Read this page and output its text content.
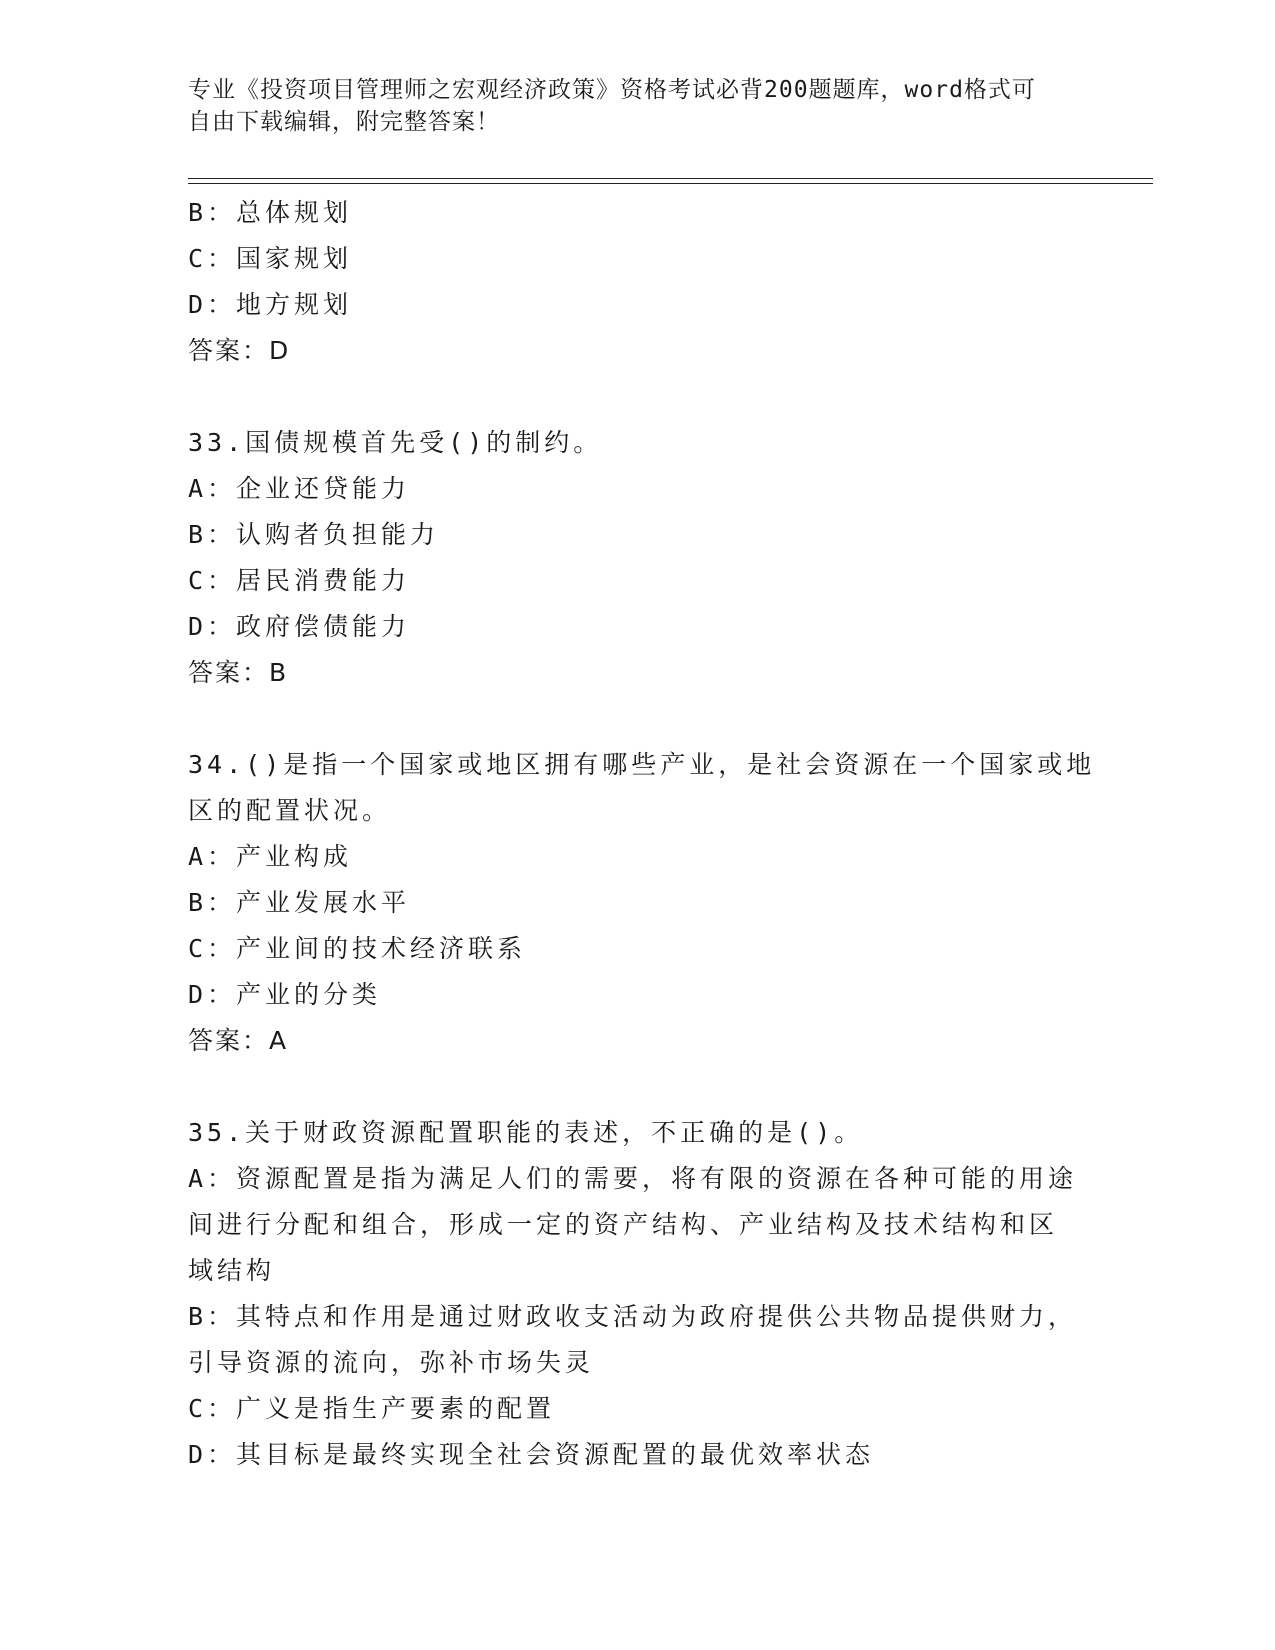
专业《投资项目管理师之宏观经济政策》资格考试必背200题题库，word格式可
自由下载编辑，附完整答案！
B：总体规划
C：国家规划
D：地方规划
答案：D
33.国债规模首先受()的制约。
A：企业还贷能力
B：认购者负担能力
C：居民消费能力
D：政府偿债能力
答案：B
34.()是指一个国家或地区拥有哪些产业，是社会资源在一个国家或地
区的配置状况。
A：产业构成
B：产业发展水平
C：产业间的技术经济联系
D：产业的分类
答案：A
35.关于财政资源配置职能的表述，不正确的是()。
A：资源配置是指为满足人们的需要，将有限的资源在各种可能的用途
间进行分配和组合，形成一定的资产结构、产业结构及技术结构和区
域结构
B：其特点和作用是通过财政收支活动为政府提供公共物品提供财力，
引导资源的流向，弥补市场失灵
C：广义是指生产要素的配置
D：其目标是最终实现全社会资源配置的最优效率状态
